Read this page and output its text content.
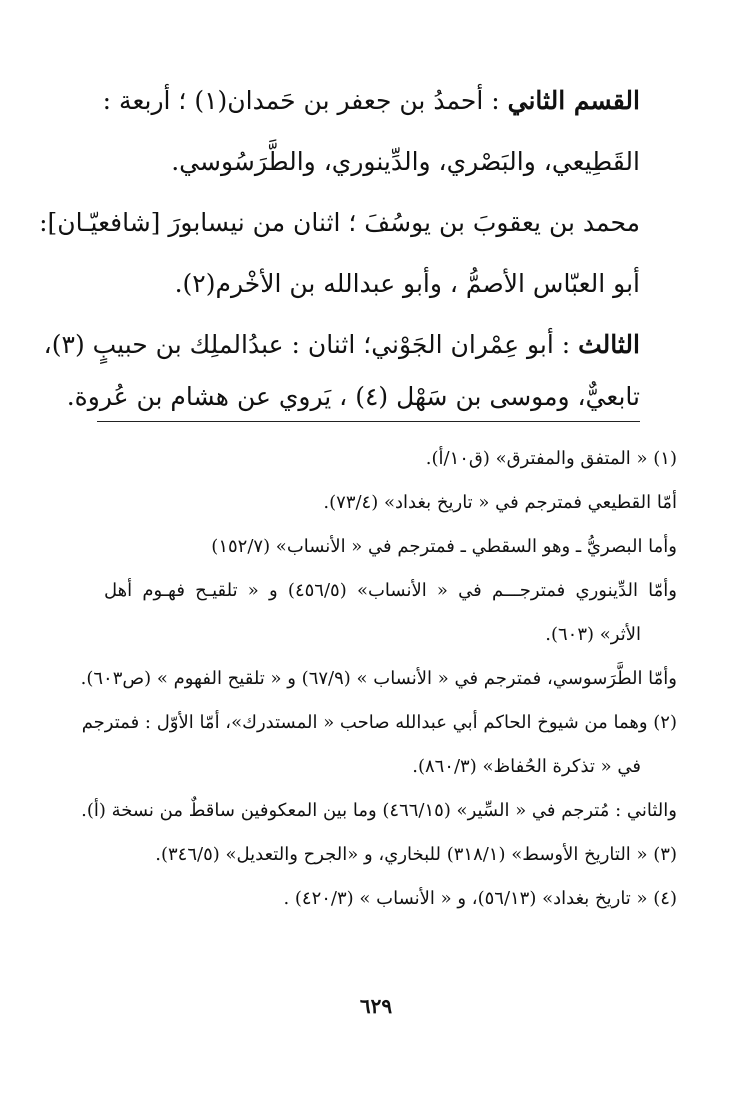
القسم الثاني : أحمدُ بن جعفر بن حَمدان(١) ؛ أربعة :
القَطِيعي، والبَصْري، والدِّينوري، والطَّرَسُوسي.
محمد بن يعقوبَ بن يوسُفَ ؛ اثنان من نيسابورَ [شافعيّـان]:
أبو العبّاس الأصمُّ ، وأبو عبدالله بن الأخْرم(٢).
الثالث : أبو عِمْران الجَوْني؛ اثنان : عبدُالملِك بن حبيبٍ (٣)،
تابعيٌّ، وموسى بن سَهْل (٤) ، يَروي عن هشام بن عُروة.
(١) « المتفق والمفترق» (ق١٠/أ).
أمّا القطيعي فمترجم في « تاريخ بغداد» (٧٣/٤).
وأما البصريُّ ـ وهو السقطي ـ فمترجم في « الأنساب» (١٥٢/٧)
وأمّا الدِّينوري فمترجـــم في « الأنساب» (٤٥٦/٥) و « تلقيـح فهـوم أهل
الأثر» (٦٠٣).
وأمّا الطَّرَسوسي، فمترجم في « الأنساب » (٦٧/٩) و « تلقيح الفهوم » (ص٦٠٣).
(٢) وهما من شيوخ الحاكم أبي عبدالله صاحب « المستدرك»، أمّا الأوّل : فمترجم
في « تذكرة الحُفاظ» (٨٦٠/٣).
والثاني : مُترجم في « السِّير» (٤٦٦/١٥) وما بين المعكوفين ساقطٌ من نسخة (أ).
(٣) « التاريخ الأوسط» (٣١٨/١) للبخاري، و «الجرح والتعديل» (٣٤٦/٥).
(٤) « تاريخ بغداد» (٥٦/١٣)، و « الأنساب » (٤٢٠/٣) .
٦٢٩
